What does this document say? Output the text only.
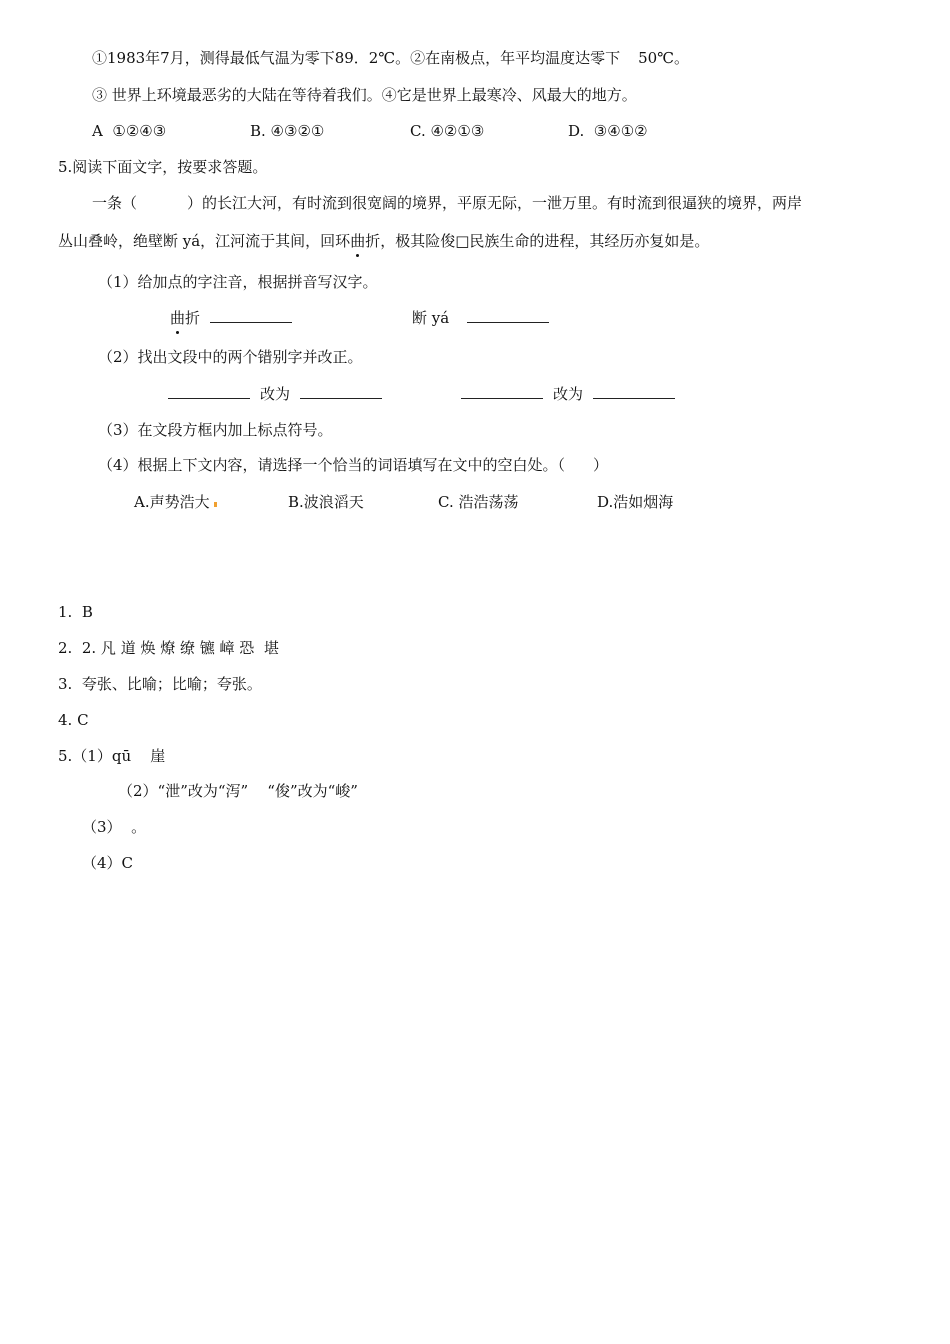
①1983年7月，测得最低气温为零下89．2℃。②在南极点，年平均温度达零下 50℃。
③ 世界上环境最恶劣的大陆在等待着我们。④它是世界上最寒冷、风最大的地方。
A  ①②④③	B. ④③②①	C. ④②①③	D.  ③④①②
5.阅读下面文字，按要求答题。
一条（	）的长江大河，有时流到很宽阔的境界，平原无际，一泄万里。有时流到很逼狭的境界，两岸
丛山叠岭，绝壁断 yá，江河流于其间，回环曲折，极其险俊□民族生命的进程，其经历亦复如是。
（1）给加点的字注音，根据拼音写汉字。
曲折	断 yá
（2）找出文段中的两个错别字并改正。
改为	改为
（3）在文段方框内加上标点符号。
（4）根据上下文内容，请选择一个恰当的词语填写在文中的空白处。（ ）
A.声势浩大	B.波浪滔天	C. 浩浩荡荡	D.浩如烟海
1.  B
2.  2. 凡 道 焕 燎 缭 镳 嶂 恐  堪
3.  夸张、比喻；比喻；夸张。
4. C
5.（1）qū    崖
（2）“泄”改为“泻”    “俊”改为“峻”
（3）  。
（4）C
